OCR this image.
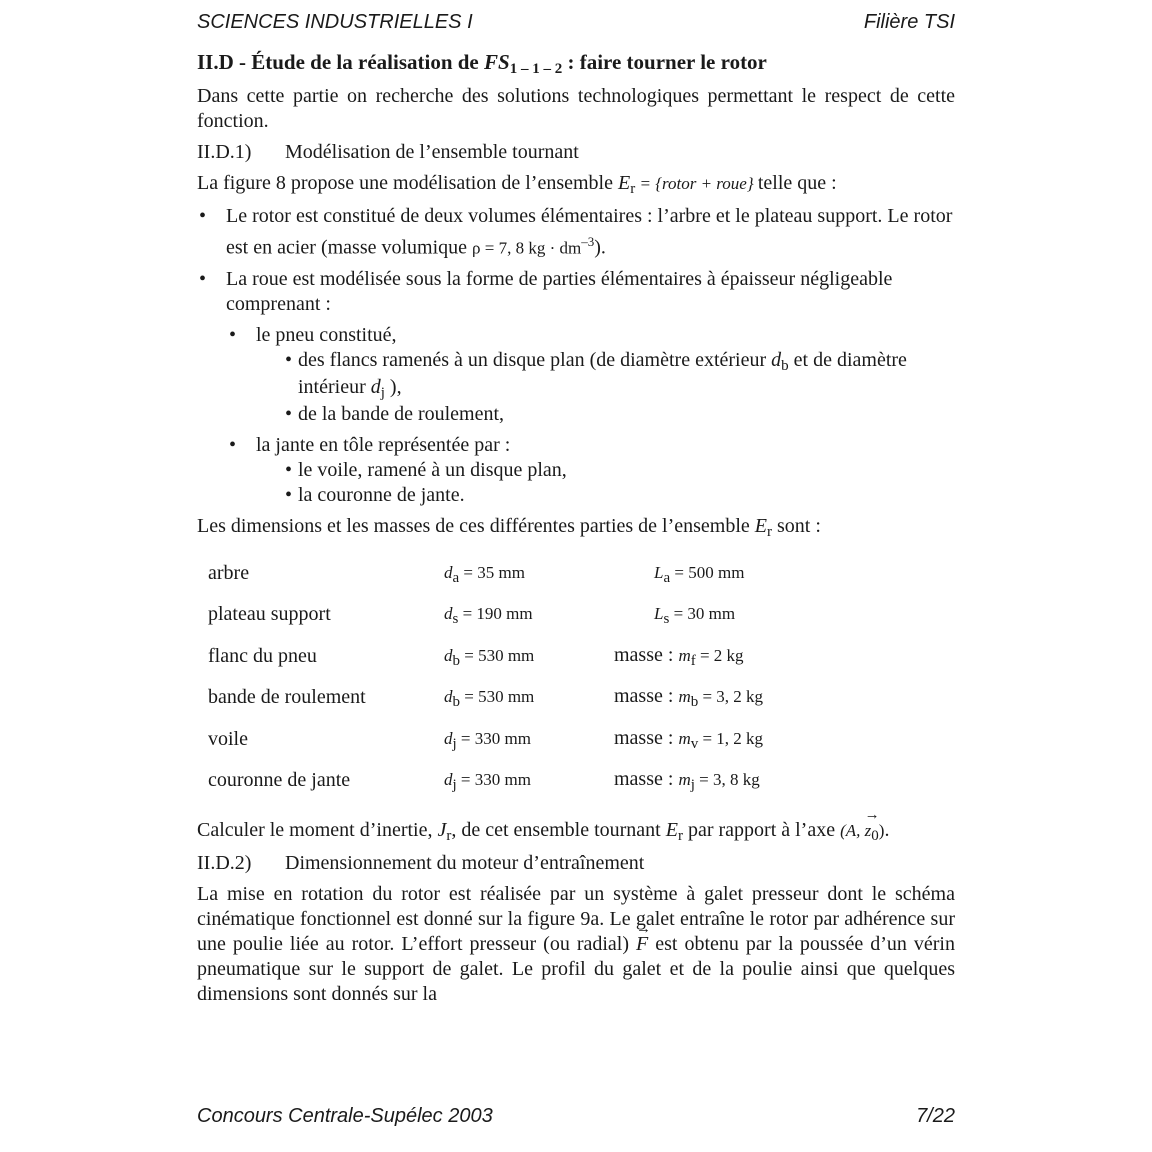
SCIENCES INDUSTRIELLES I	Filière TSI
II.D - Étude de la réalisation de FS1 – 1 – 2 : faire tourner le rotor

Dans cette partie on recherche des solutions technologiques permettant le respect de cette fonction.

II.D.1)	Modélisation de l’ensemble tournant

La figure 8 propose une modélisation de l’ensemble $E_r$ = {rotor + roue} telle que :

• Le rotor est constitué de deux volumes élémentaires : l’arbre et le plateau support. Le rotor est en acier (masse volumique ρ = 7, 8 kg · $dm^{-3}$).
• La roue est modélisée sous la forme de parties élémentaires à épaisseur négligeable comprenant :
• le pneu constitué,
• des flancs ramenés à un disque plan (de diamètre extérieur $d_b$ et de diamètre intérieur $d_j$ ),
• de la bande de roulement,
• la jante en tôle représentée par :
• le voile, ramené à un disque plan,
• la couronne de jante.

Les dimensions et les masses de ces différentes parties de l’ensemble $E_r$ sont :

arbre	da = 35 mm	La = 500 mm
plateau support	ds = 190 mm	Ls = 30 mm
flanc du pneu	db = 530 mm	masse : mf = 2 kg
bande de roulement	db = 530 mm	masse : mb = 3, 2 kg
voile	dj = 330 mm	masse : mv = 1, 2 kg
couronne de jante	dj = 330 mm	masse : mj = 3, 8 kg

Calculer le moment d’inertie, $J_r$, de cet ensemble tournant $E_r$ par rapport à l’axe (A, → $z_0$).

II.D.2)	Dimensionnement du moteur d’entraînement

La mise en rotation du rotor est réalisée par un système à galet presseur dont le schéma cinématique fonctionnel est donné sur la figure 9a. Le galet entraîne le rotor par adhérence sur une poulie liée au rotor. L’effort presseur (ou radial) → F est obtenu par la poussée d’un vérin pneumatique sur le support de galet. Le profil du galet et de la poulie ainsi que quelques dimensions sont donnés sur la

Concours Centrale-Supélec 2003	7/22
